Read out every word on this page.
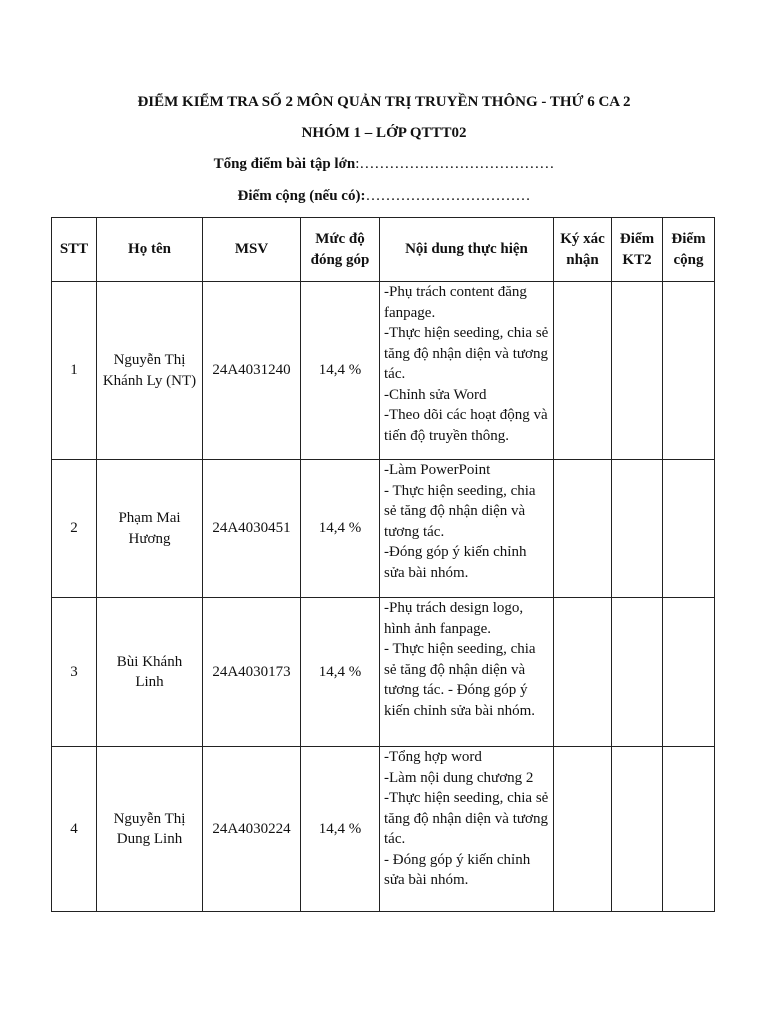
ĐIỂM KIỂM TRA SỐ 2 MÔN QUẢN TRỊ TRUYỀN THÔNG - THỨ 6 CA 2
NHÓM 1 – LỚP QTTT02
Tổng điểm bài tập lớn:…………………………………
Điểm cộng (nếu có):……………………………
STT	Họ tên	MSV	Mức độ đóng góp	Nội dung thực hiện	Ký xác nhận	Điểm KT2	Điểm cộng
1	Nguyễn Thị Khánh Ly (NT)	24A4031240	14,4 %	-Phụ trách content đăng fanpage.
-Thực hiện seeding, chia sẻ tăng độ nhận diện và tương tác.
-Chỉnh sửa Word
-Theo dõi các hoạt động và tiến độ truyền thông.			

2	Phạm Mai Hương	24A4030451	14,4 %	-Làm PowerPoint
- Thực hiện seeding, chia sẻ tăng độ nhận diện và tương tác.
-Đóng góp ý kiến chỉnh sửa bài nhóm.			

3	Bùi Khánh Linh	24A4030173	14,4 %	-Phụ trách design logo, hình ảnh fanpage.
- Thực hiện seeding, chia sẻ tăng độ nhận diện và tương tác. - Đóng góp ý kiến chỉnh sửa bài nhóm.			

4	Nguyễn Thị Dung Linh	24A4030224	14,4 %	-Tổng hợp word
-Làm nội dung chương 2
-Thực hiện seeding, chia sẻ tăng độ nhận diện và tương tác.
- Đóng góp ý kiến chỉnh sửa bài nhóm.			
